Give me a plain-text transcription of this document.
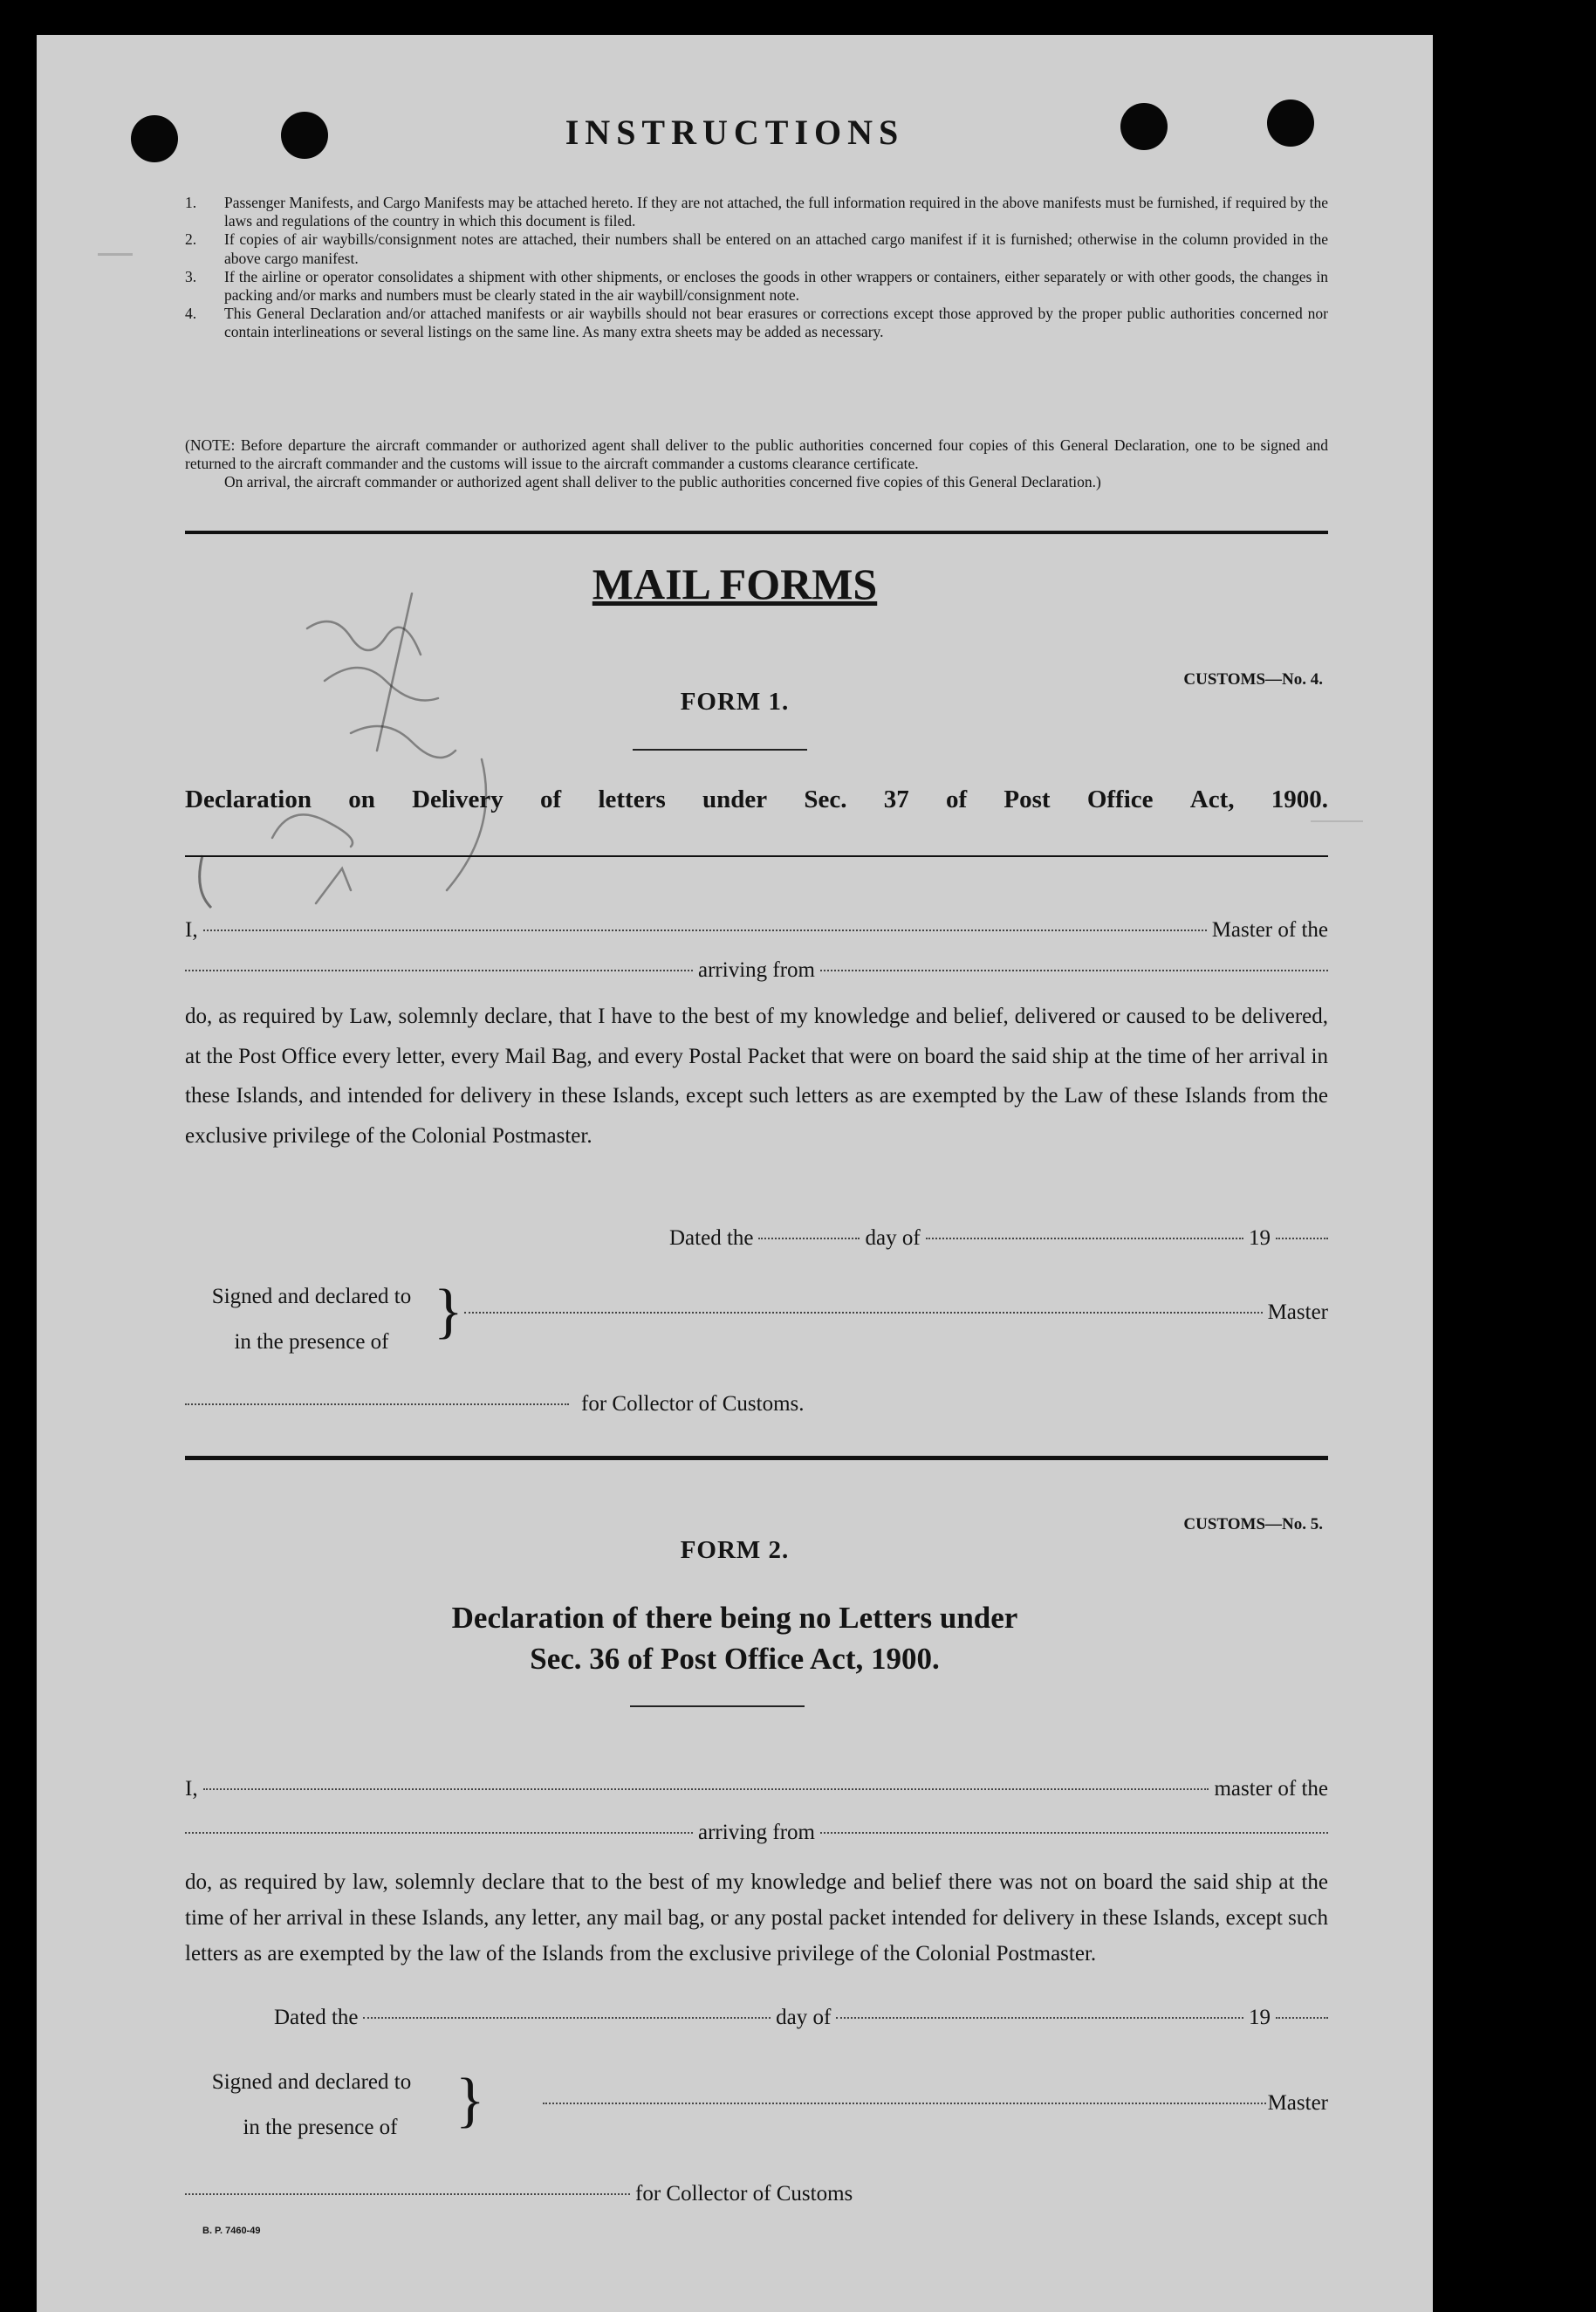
INSTRUCTIONS
1. Passenger Manifests, and Cargo Manifests may be attached hereto. If they are not attached, the full information required in the above manifests must be furnished, if required by the laws and regulations of the country in which this document is filed.
2. If copies of air waybills/consignment notes are attached, their numbers shall be entered on an attached cargo manifest if it is furnished; otherwise in the column provided in the above cargo manifest.
3. If the airline or operator consolidates a shipment with other shipments, or encloses the goods in other wrappers or containers, either separately or with other goods, the changes in packing and/or marks and numbers must be clearly stated in the air waybill/consignment note.
4. This General Declaration and/or attached manifests or air waybills should not bear erasures or corrections except those approved by the proper public authorities concerned nor contain interlineations or several listings on the same line. As many extra sheets may be added as necessary.
(NOTE: Before departure the aircraft commander or authorized agent shall deliver to the public authorities concerned four copies of this General Declaration, one to be signed and returned to the aircraft commander and the customs will issue to the aircraft commander a customs clearance certificate.
On arrival, the aircraft commander or authorized agent shall deliver to the public authorities concerned five copies of this General Declaration.)
MAIL FORMS
CUSTOMS—No. 4.
FORM 1.
Declaration on Delivery of letters under Sec. 37 of Post Office Act, 1900.
I,	Master of the
arriving from

do, as required by Law, solemnly declare, that I have to the best of my knowledge and belief, delivered or caused to be delivered, at the Post Office every letter, every Mail Bag, and every Postal Packet that were on board the said ship at the time of her arrival in these Islands, and intended for delivery in these Islands, except such letters as are exempted by the Law of these Islands from the exclusive privilege of the Colonial Postmaster.

Dated the	day of	19
Signed and declared to
in the presence of }	Master
for Collector of Customs.
CUSTOMS—No. 5.
FORM 2.
Declaration of there being no Letters under
Sec. 36 of Post Office Act, 1900.
I,	master of the
arriving from

do, as required by law, solemnly declare that to the best of my knowledge and belief there was not on board the said ship at the time of her arrival in these Islands, any letter, any mail bag, or any postal packet intended for delivery in these Islands, except such letters as are exempted by the law of the Islands from the exclusive privilege of the Colonial Postmaster.

Dated the	day of	19
Signed and declared to
in the presence of }	Master
for Collector of Customs
B. P. 7460-49
